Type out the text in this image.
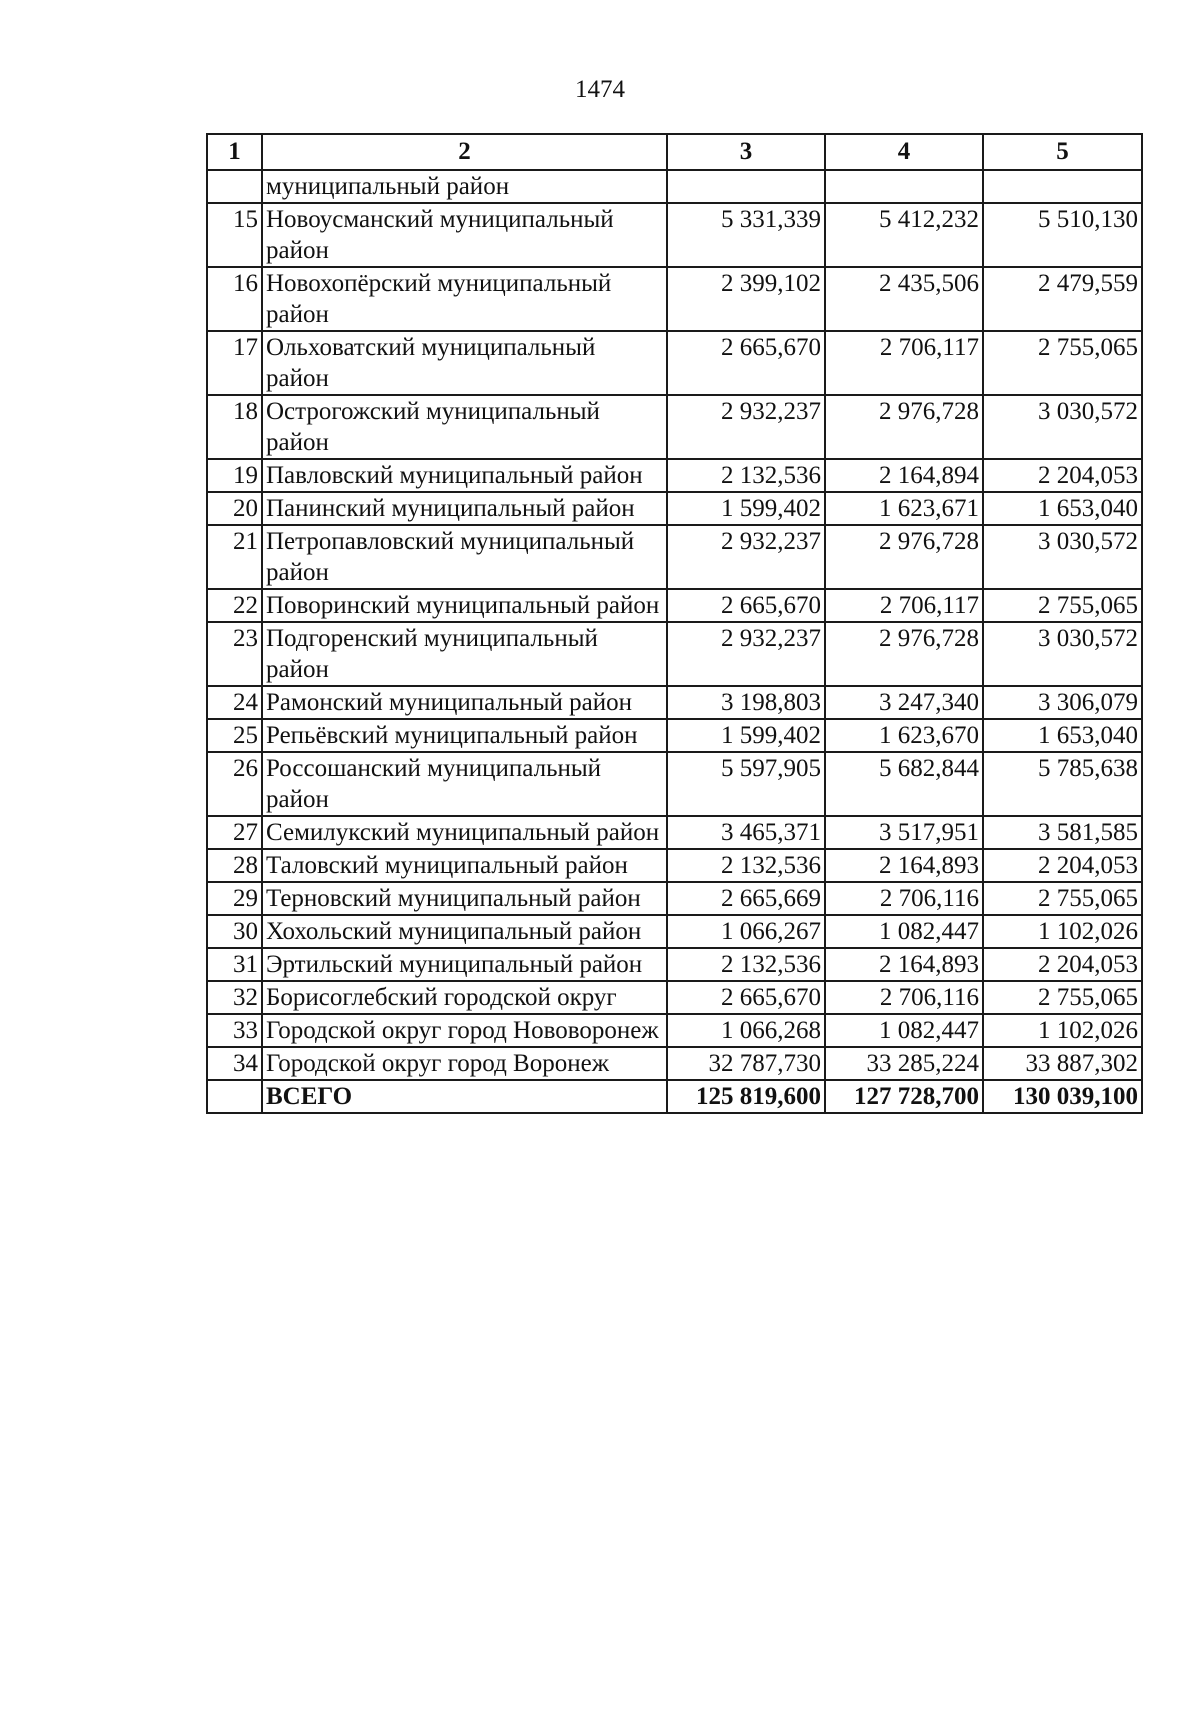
1474
1	2	3	4	5
	муниципальный район			
15	Новоусманский муниципальный район	5 331,339	5 412,232	5 510,130
16	Новохопёрский муниципальный район	2 399,102	2 435,506	2 479,559
17	Ольховатский муниципальный район	2 665,670	2 706,117	2 755,065
18	Острогожский муниципальный район	2 932,237	2 976,728	3 030,572
19	Павловский муниципальный район	2 132,536	2 164,894	2 204,053
20	Панинский муниципальный район	1 599,402	1 623,671	1 653,040
21	Петропавловский муниципальный район	2 932,237	2 976,728	3 030,572
22	Поворинский муниципальный район	2 665,670	2 706,117	2 755,065
23	Подгоренский муниципальный район	2 932,237	2 976,728	3 030,572
24	Рамонский муниципальный район	3 198,803	3 247,340	3 306,079
25	Репьёвский муниципальный район	1 599,402	1 623,670	1 653,040
26	Россошанский муниципальный район	5 597,905	5 682,844	5 785,638
27	Семилукский муниципальный район	3 465,371	3 517,951	3 581,585
28	Таловский муниципальный район	2 132,536	2 164,893	2 204,053
29	Терновский муниципальный район	2 665,669	2 706,116	2 755,065
30	Хохольский муниципальный район	1 066,267	1 082,447	1 102,026
31	Эртильский муниципальный район	2 132,536	2 164,893	2 204,053
32	Борисоглебский городской округ	2 665,670	2 706,116	2 755,065
33	Городской округ город Нововоронеж	1 066,268	1 082,447	1 102,026
34	Городской округ город Воронеж	32 787,730	33 285,224	33 887,302
	ВСЕГО	125 819,600	127 728,700	130 039,100
